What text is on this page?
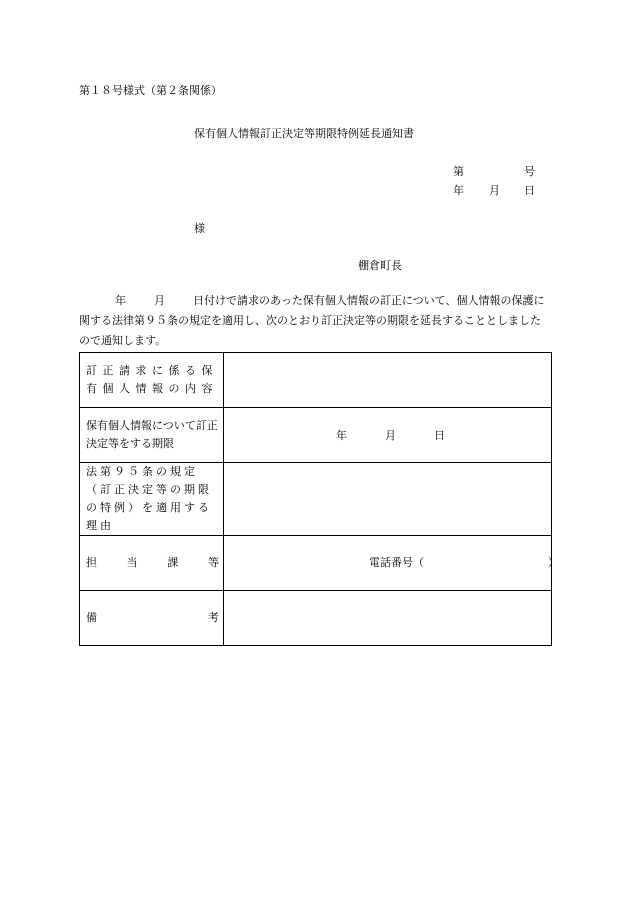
第１８号様式（第２条関係）
保有個人情報訂正決定等期限特例延長通知書
第	号
年 月 日
様
棚倉町長
年	月	日付けで請求のあった保有個人情報の訂正について、個人情報の保護に関する法律第９５条の規定を適用し、次のとおり訂正決定等の期限を延長することとしましたので通知します。
訂正請求に係る保有個人情報の内容	
保有個人情報について訂正決定等をする期限	年 月 日

法第９５条の規定（訂正決定等の期限の特例）を適用する理由	

担 当 課 等	電話番号（ ）

備 考	
